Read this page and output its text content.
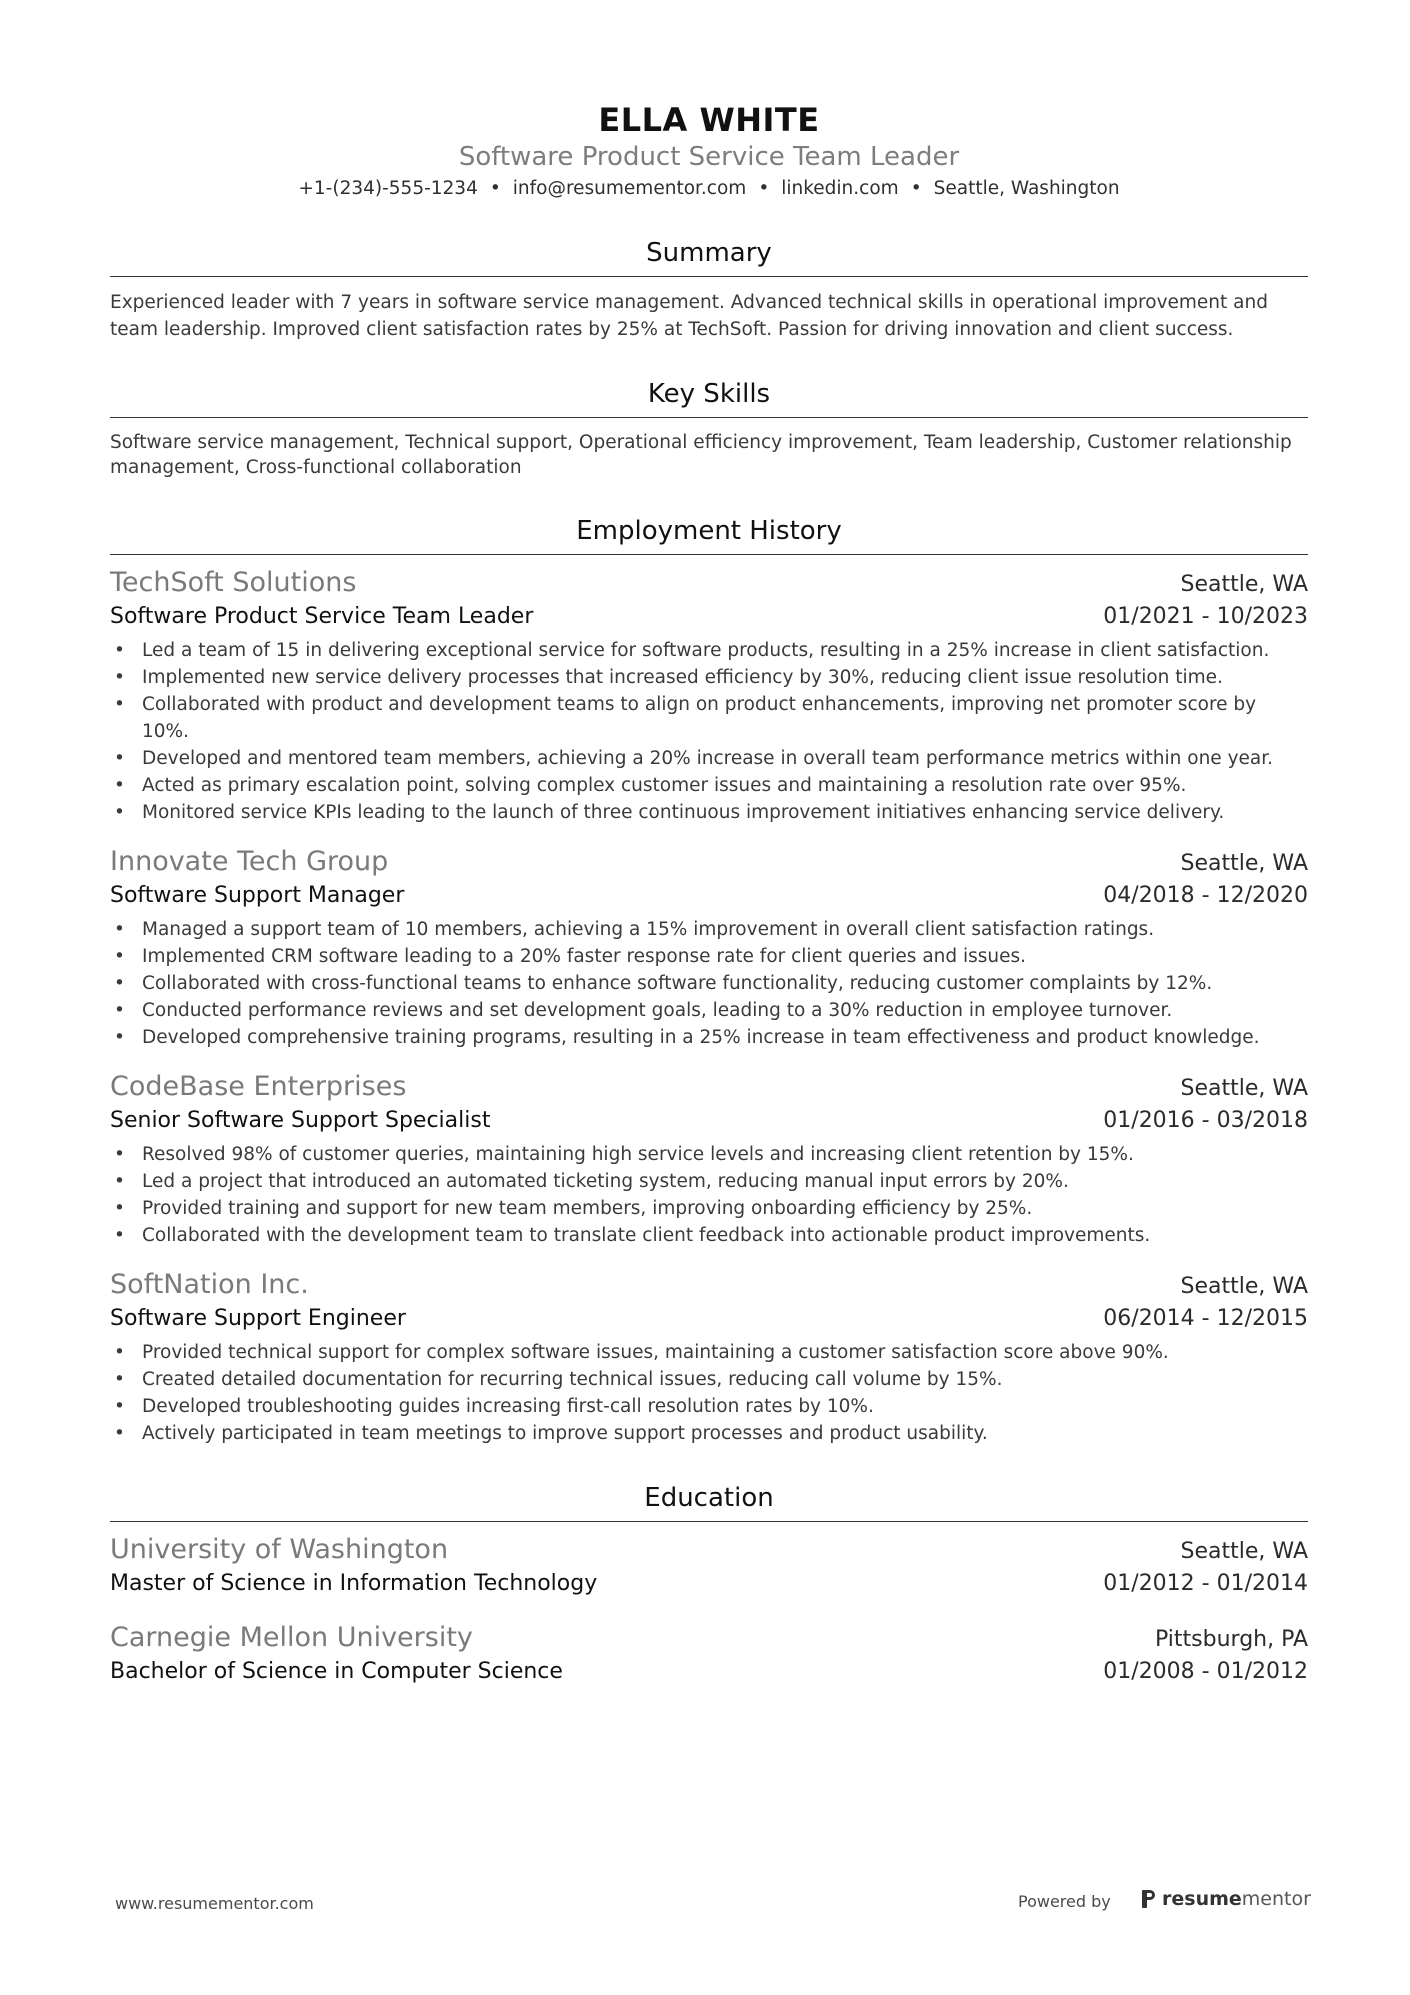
ELLA WHITE
Software Product Service Team Leader
+1-(234)-555-1234 • info@resumementor.com • linkedin.com • Seattle, Washington
Summary
Experienced leader with 7 years in software service management. Advanced technical skills in operational improvement and team leadership. Improved client satisfaction rates by 25% at TechSoft. Passion for driving innovation and client success.
Key Skills
Software service management, Technical support, Operational efficiency improvement, Team leadership, Customer relationship management, Cross-functional collaboration
Employment History
TechSoft Solutions	Seattle, WA
Software Product Service Team Leader	01/2021 - 10/2023
• Led a team of 15 in delivering exceptional service for software products, resulting in a 25% increase in client satisfaction.
• Implemented new service delivery processes that increased efficiency by 30%, reducing client issue resolution time.
• Collaborated with product and development teams to align on product enhancements, improving net promoter score by 10%.
• Developed and mentored team members, achieving a 20% increase in overall team performance metrics within one year.
• Acted as primary escalation point, solving complex customer issues and maintaining a resolution rate over 95%.
• Monitored service KPIs leading to the launch of three continuous improvement initiatives enhancing service delivery.
Innovate Tech Group	Seattle, WA
Software Support Manager	04/2018 - 12/2020
• Managed a support team of 10 members, achieving a 15% improvement in overall client satisfaction ratings.
• Implemented CRM software leading to a 20% faster response rate for client queries and issues.
• Collaborated with cross-functional teams to enhance software functionality, reducing customer complaints by 12%.
• Conducted performance reviews and set development goals, leading to a 30% reduction in employee turnover.
• Developed comprehensive training programs, resulting in a 25% increase in team effectiveness and product knowledge.
CodeBase Enterprises	Seattle, WA
Senior Software Support Specialist	01/2016 - 03/2018
• Resolved 98% of customer queries, maintaining high service levels and increasing client retention by 15%.
• Led a project that introduced an automated ticketing system, reducing manual input errors by 20%.
• Provided training and support for new team members, improving onboarding efficiency by 25%.
• Collaborated with the development team to translate client feedback into actionable product improvements.
SoftNation Inc.	Seattle, WA
Software Support Engineer	06/2014 - 12/2015
• Provided technical support for complex software issues, maintaining a customer satisfaction score above 90%.
• Created detailed documentation for recurring technical issues, reducing call volume by 15%.
• Developed troubleshooting guides increasing first-call resolution rates by 10%.
• Actively participated in team meetings to improve support processes and product usability.
Education
University of Washington	Seattle, WA
Master of Science in Information Technology	01/2012 - 01/2014
Carnegie Mellon University	Pittsburgh, PA
Bachelor of Science in Computer Science	01/2008 - 01/2012
www.resumementor.com	Powered by	resumementor
